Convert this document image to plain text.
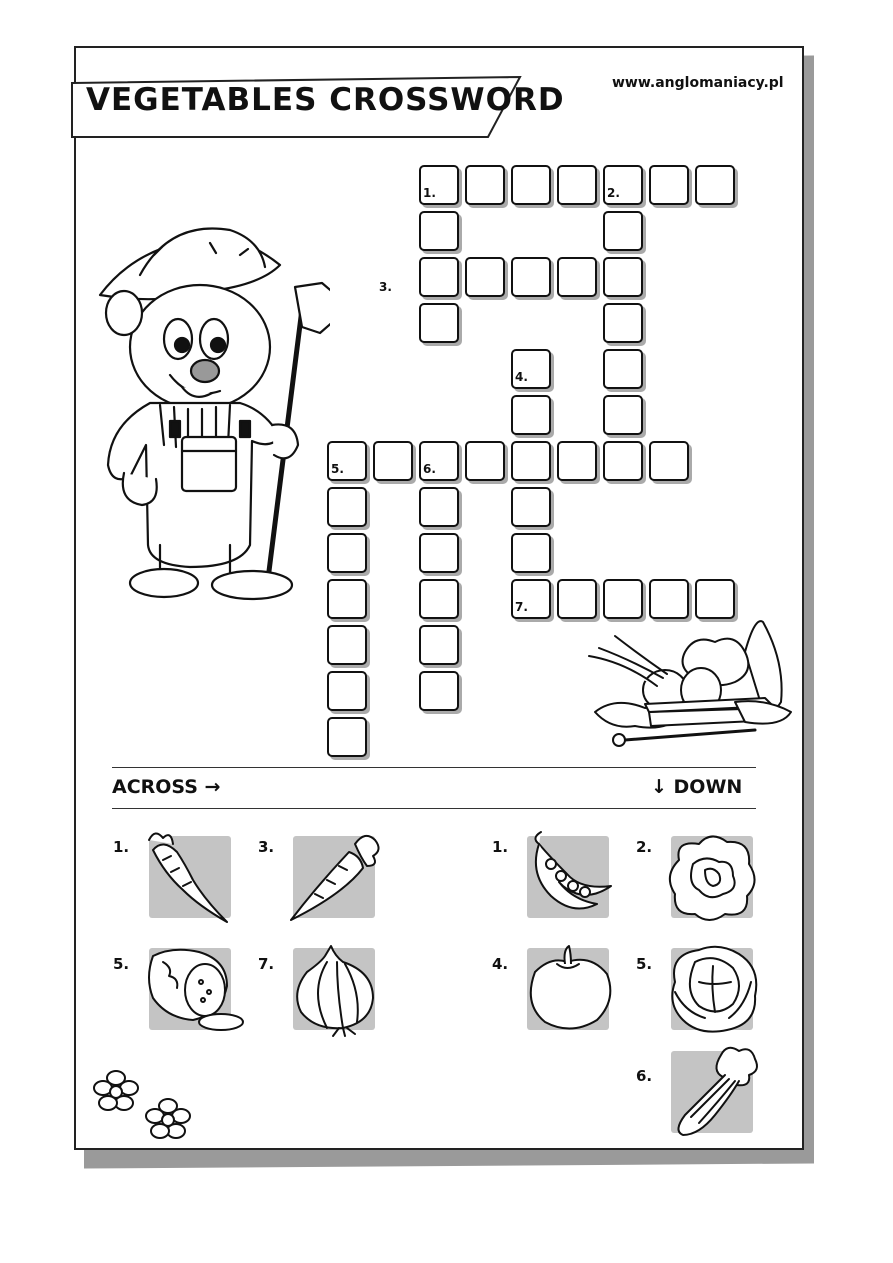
VEGETABLES CROSSWORD	www.anglomaniacy.pl
1.	2.
4.
5.	6.
7.
3.
ACROSS →	↓ DOWN
1.	3.
5.	7.
1.	2.
4.	5.
6.
